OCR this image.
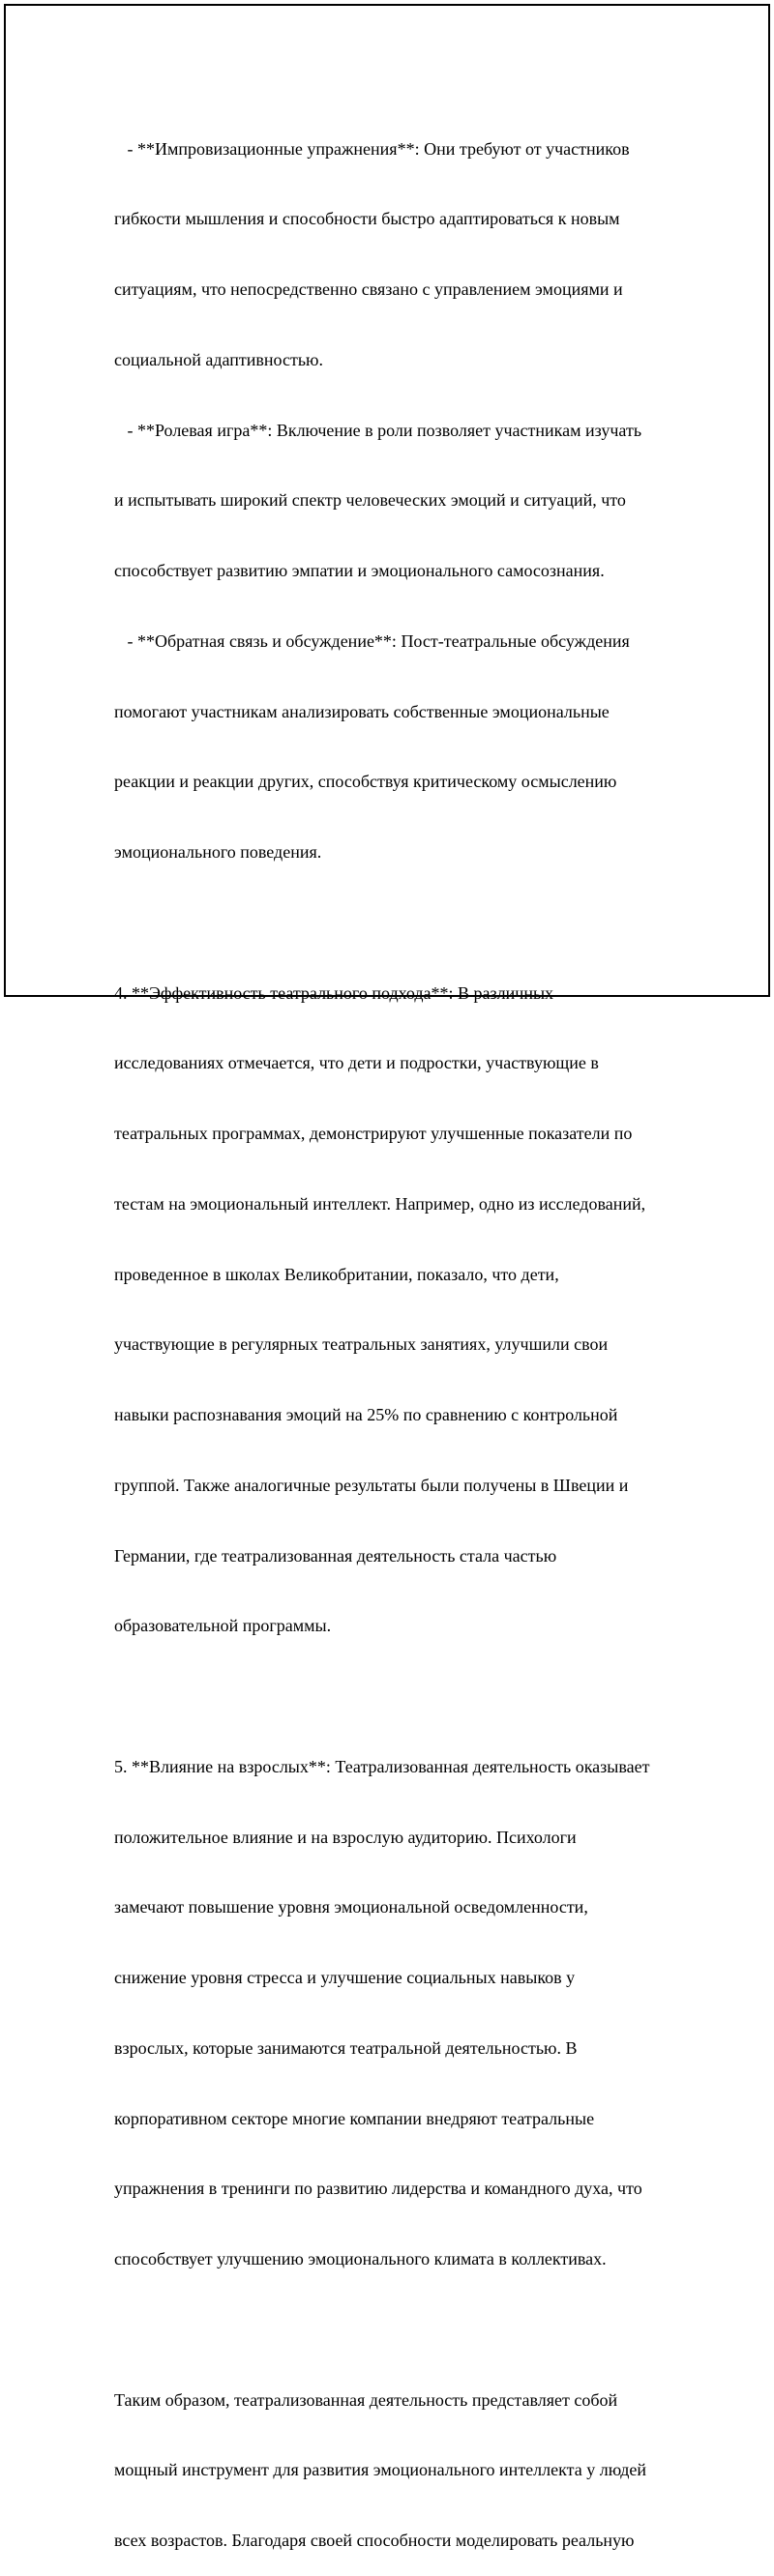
- **Импровизационные упражнения**: Они требуют от участников

гибкости мышления и способности быстро адаптироваться к новым

ситуациям, что непосредственно связано с управлением эмоциями и

социальной адаптивностью.

- **Ролевая игра**: Включение в роли позволяет участникам изучать

и испытывать широкий спектр человеческих эмоций и ситуаций, что

способствует развитию эмпатии и эмоционального самосознания.

- **Обратная связь и обсуждение**: Пост-театральные обсуждения

помогают участникам анализировать собственные эмоциональные

реакции и реакции других, способствуя критическому осмыслению

эмоционального поведения.

4. **Эффективность театрального подхода**: В различных

исследованиях отмечается, что дети и подростки, участвующие в

театральных программах, демонстрируют улучшенные показатели по

тестам на эмоциональный интеллект. Например, одно из исследований,

проведенное в школах Великобритании, показало, что дети,

участвующие в регулярных театральных занятиях, улучшили свои

навыки распознавания эмоций на 25% по сравнению с контрольной

группой. Также аналогичные результаты были получены в Швеции и

Германии, где театрализованная деятельность стала частью

образовательной программы.

5. **Влияние на взрослых**: Театрализованная деятельность оказывает

положительное влияние и на взрослую аудиторию. Психологи

замечают повышение уровня эмоциональной осведомленности,

снижение уровня стресса и улучшение социальных навыков у

взрослых, которые занимаются театральной деятельностью. В

корпоративном секторе многие компании внедряют театральные

упражнения в тренинги по развитию лидерства и командного духа, что

способствует улучшению эмоционального климата в коллективах.

Таким образом, театрализованная деятельность представляет собой

мощный инструмент для развития эмоционального интеллекта у людей

всех возрастов. Благодаря своей способности моделировать реальную
